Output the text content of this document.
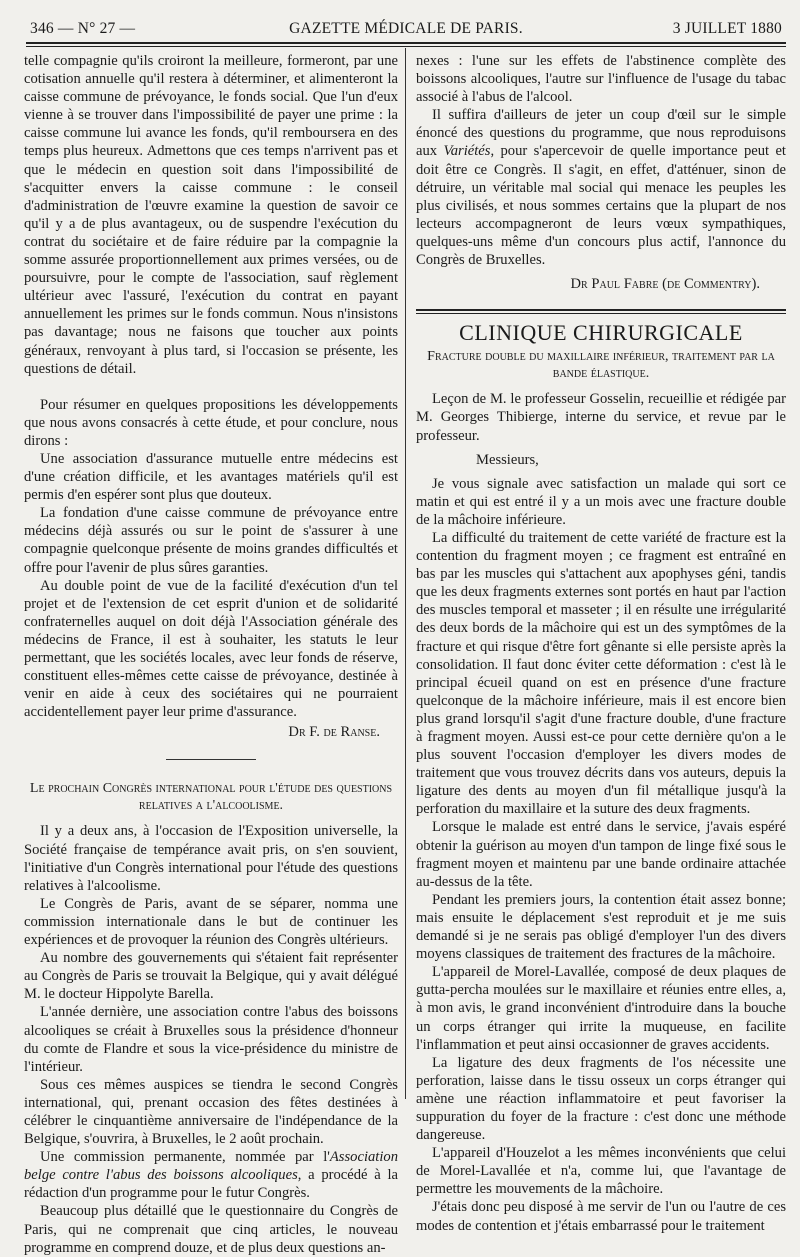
346 — N° 27 —	GAZETTE MÉDICALE DE PARIS.	3 JUILLET 1880

telle compagnie qu'ils croiront la meilleure, formeront, par une cotisation annuelle qu'il restera à déterminer, et alimenteront la caisse commune de prévoyance, le fonds social. Que l'un d'eux vienne à se trouver dans l'impossibilité de payer une prime : la caisse commune lui avance les fonds, qu'il remboursera en des temps plus heureux. Admettons que ces temps n'arrivent pas et que le médecin en question soit dans l'impossibilité de s'acquitter envers la caisse commune : le conseil d'administration de l'œuvre examine la question de savoir ce qu'il y a de plus avantageux, ou de suspendre l'exécution du contrat du sociétaire et de faire réduire par la compagnie la somme assurée proportionnellement aux primes versées, ou de poursuivre, pour le compte de l'association, sauf règlement ultérieur avec l'assuré, l'exécution du contrat en payant annuellement les primes sur le fonds commun. Nous n'insistons pas davantage; nous ne faisons que toucher aux points généraux, renvoyant à plus tard, si l'occasion se présente, les questions de détail.

Pour résumer en quelques propositions les développements que nous avons consacrés à cette étude, et pour conclure, nous dirons :

Une association d'assurance mutuelle entre médecins est d'une création difficile, et les avantages matériels qu'il est permis d'en espérer sont plus que douteux.

La fondation d'une caisse commune de prévoyance entre médecins déjà assurés ou sur le point de s'assurer à une compagnie quelconque présente de moins grandes difficultés et offre pour l'avenir de plus sûres garanties.

Au double point de vue de la facilité d'exécution d'un tel projet et de l'extension de cet esprit d'union et de solidarité confraternelles auquel on doit déjà l'Association générale des médecins de France, il est à souhaiter, les statuts le leur permettant, que les sociétés locales, avec leur fonds de réserve, constituent elles-mêmes cette caisse de prévoyance, destinée à venir en aide à ceux des sociétaires qui ne pourraient accidentellement payer leur prime d'assurance.

Dr F. de Ranse.

Le prochain Congrès international pour l'étude des questions relatives a l'alcoolisme.

Il y a deux ans, à l'occasion de l'Exposition universelle, la Société française de tempérance avait pris, on s'en souvient, l'initiative d'un Congrès international pour l'étude des questions relatives à l'alcoolisme.

Le Congrès de Paris, avant de se séparer, nomma une commission internationale dans le but de continuer les expériences et de provoquer la réunion des Congrès ultérieurs.

Au nombre des gouvernements qui s'étaient fait représenter au Congrès de Paris se trouvait la Belgique, qui y avait délégué M. le docteur Hippolyte Barella.

L'année dernière, une association contre l'abus des boissons alcooliques se créait à Bruxelles sous la présidence d'honneur du comte de Flandre et sous la vice-présidence du ministre de l'intérieur.

Sous ces mêmes auspices se tiendra le second Congrès international, qui, prenant occasion des fêtes destinées à célébrer le cinquantième anniversaire de l'indépendance de la Belgique, s'ouvrira, à Bruxelles, le 2 août prochain.

Une commission permanente, nommée par l'Association belge contre l'abus des boissons alcooliques, a procédé à la rédaction d'un programme pour le futur Congrès.

Beaucoup plus détaillé que le questionnaire du Congrès de Paris, qui ne comprenait que cinq articles, le nouveau programme en comprend douze, et de plus deux questions an-

nexes : l'une sur les effets de l'abstinence complète des boissons alcooliques, l'autre sur l'influence de l'usage du tabac associé à l'abus de l'alcool.

Il suffira d'ailleurs de jeter un coup d'œil sur le simple énoncé des questions du programme, que nous reproduisons aux Variétés, pour s'apercevoir de quelle importance peut et doit être ce Congrès. Il s'agit, en effet, d'atténuer, sinon de détruire, un véritable mal social qui menace les peuples les plus civilisés, et nous sommes certains que la plupart de nos lecteurs accompagneront de leurs vœux sympathiques, quelques-uns même d'un concours plus actif, l'annonce du Congrès de Bruxelles.

Dr Paul Fabre (de Commentry).

CLINIQUE CHIRURGICALE

Fracture double du maxillaire inférieur, traitement par la bande élastique.

Leçon de M. le professeur Gosselin, recueillie et rédigée par M. Georges Thibierge, interne du service, et revue par le professeur.

Messieurs,

Je vous signale avec satisfaction un malade qui sort ce matin et qui est entré il y a un mois avec une fracture double de la mâchoire inférieure.

La difficulté du traitement de cette variété de fracture est la contention du fragment moyen ; ce fragment est entraîné en bas par les muscles qui s'attachent aux apophyses géni, tandis que les deux fragments externes sont portés en haut par l'action des muscles temporal et masseter ; il en résulte une irrégularité des deux bords de la mâchoire qui est un des symptômes de la fracture et qui risque d'être fort gênante si elle persiste après la consolidation. Il faut donc éviter cette déformation : c'est là le principal écueil quand on est en présence d'une fracture quelconque de la mâchoire inférieure, mais il est encore bien plus grand lorsqu'il s'agit d'une fracture double, d'une fracture à fragment moyen. Aussi est-ce pour cette dernière qu'on a le plus souvent l'occasion d'employer les divers modes de traitement que vous trouvez décrits dans vos auteurs, depuis la ligature des dents au moyen d'un fil métallique jusqu'à la perforation du maxillaire et la suture des deux fragments.

Lorsque le malade est entré dans le service, j'avais espéré obtenir la guérison au moyen d'un tampon de linge fixé sous le fragment moyen et maintenu par une bande ordinaire attachée au-dessus de la tête.

Pendant les premiers jours, la contention était assez bonne; mais ensuite le déplacement s'est reproduit et je me suis demandé si je ne serais pas obligé d'employer l'un des divers moyens classiques de traitement des fractures de la mâchoire.

L'appareil de Morel-Lavallée, composé de deux plaques de gutta-percha moulées sur le maxillaire et réunies entre elles, a, à mon avis, le grand inconvénient d'introduire dans la bouche un corps étranger qui irrite la muqueuse, en facilite l'inflammation et peut ainsi occasionner de graves accidents.

La ligature des deux fragments de l'os nécessite une perforation, laisse dans le tissu osseux un corps étranger qui amène une réaction inflammatoire et peut favoriser la suppuration du foyer de la fracture : c'est donc une méthode dangereuse.

L'appareil d'Houzelot a les mêmes inconvénients que celui de Morel-Lavallée et n'a, comme lui, que l'avantage de permettre les mouvements de la mâchoire.

J'étais donc peu disposé à me servir de l'un ou l'autre de ces modes de contention et j'étais embarrassé pour le traitement
